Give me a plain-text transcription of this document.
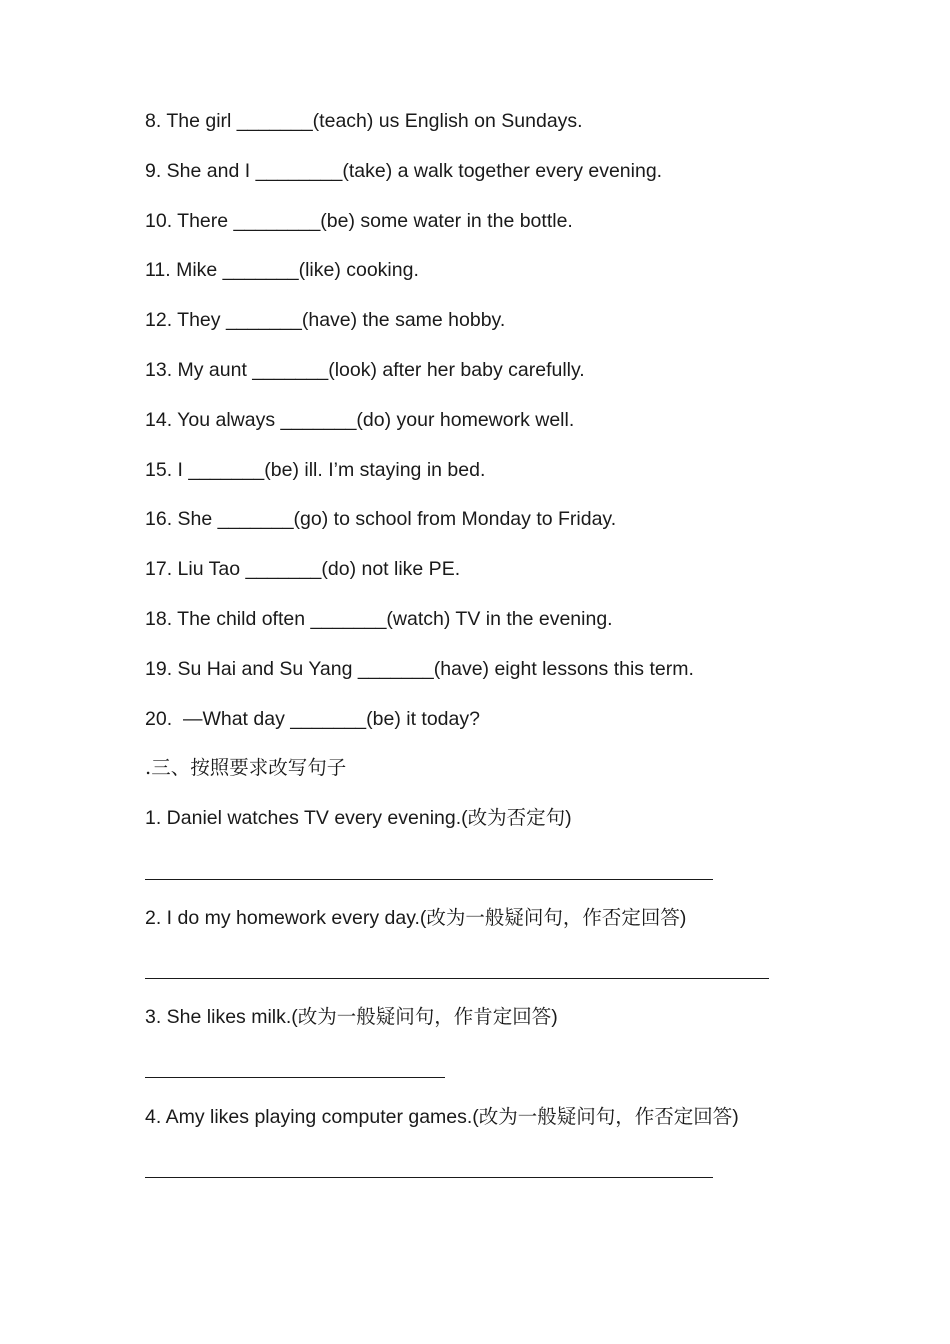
8. The girl _______(teach) us English on Sundays.
9. She and I ________(take) a walk together every evening.
10. There ________(be) some water in the bottle.
11. Mike _______(like) cooking.
12. They _______(have) the same hobby.
13. My aunt _______(look) after her baby carefully.
14. You always _______(do) your homework well.
15. I _______(be) ill. I’m staying in bed.
16. She _______(go) to school from Monday to Friday.
17. Liu Tao _______(do) not like PE.
18. The child often _______(watch) TV in the evening.
19. Su Hai and Su Yang _______(have) eight lessons this term.
20.  —What day _______(be) it today?
.三、按照要求改写句子
1. Daniel watches TV every evening.(改为否定句)
2. I do my homework every day.(改为一般疑问句，作否定回答)
3. She likes milk.(改为一般疑问句，作肯定回答)
4. Amy likes playing computer games.(改为一般疑问句，作否定回答)
